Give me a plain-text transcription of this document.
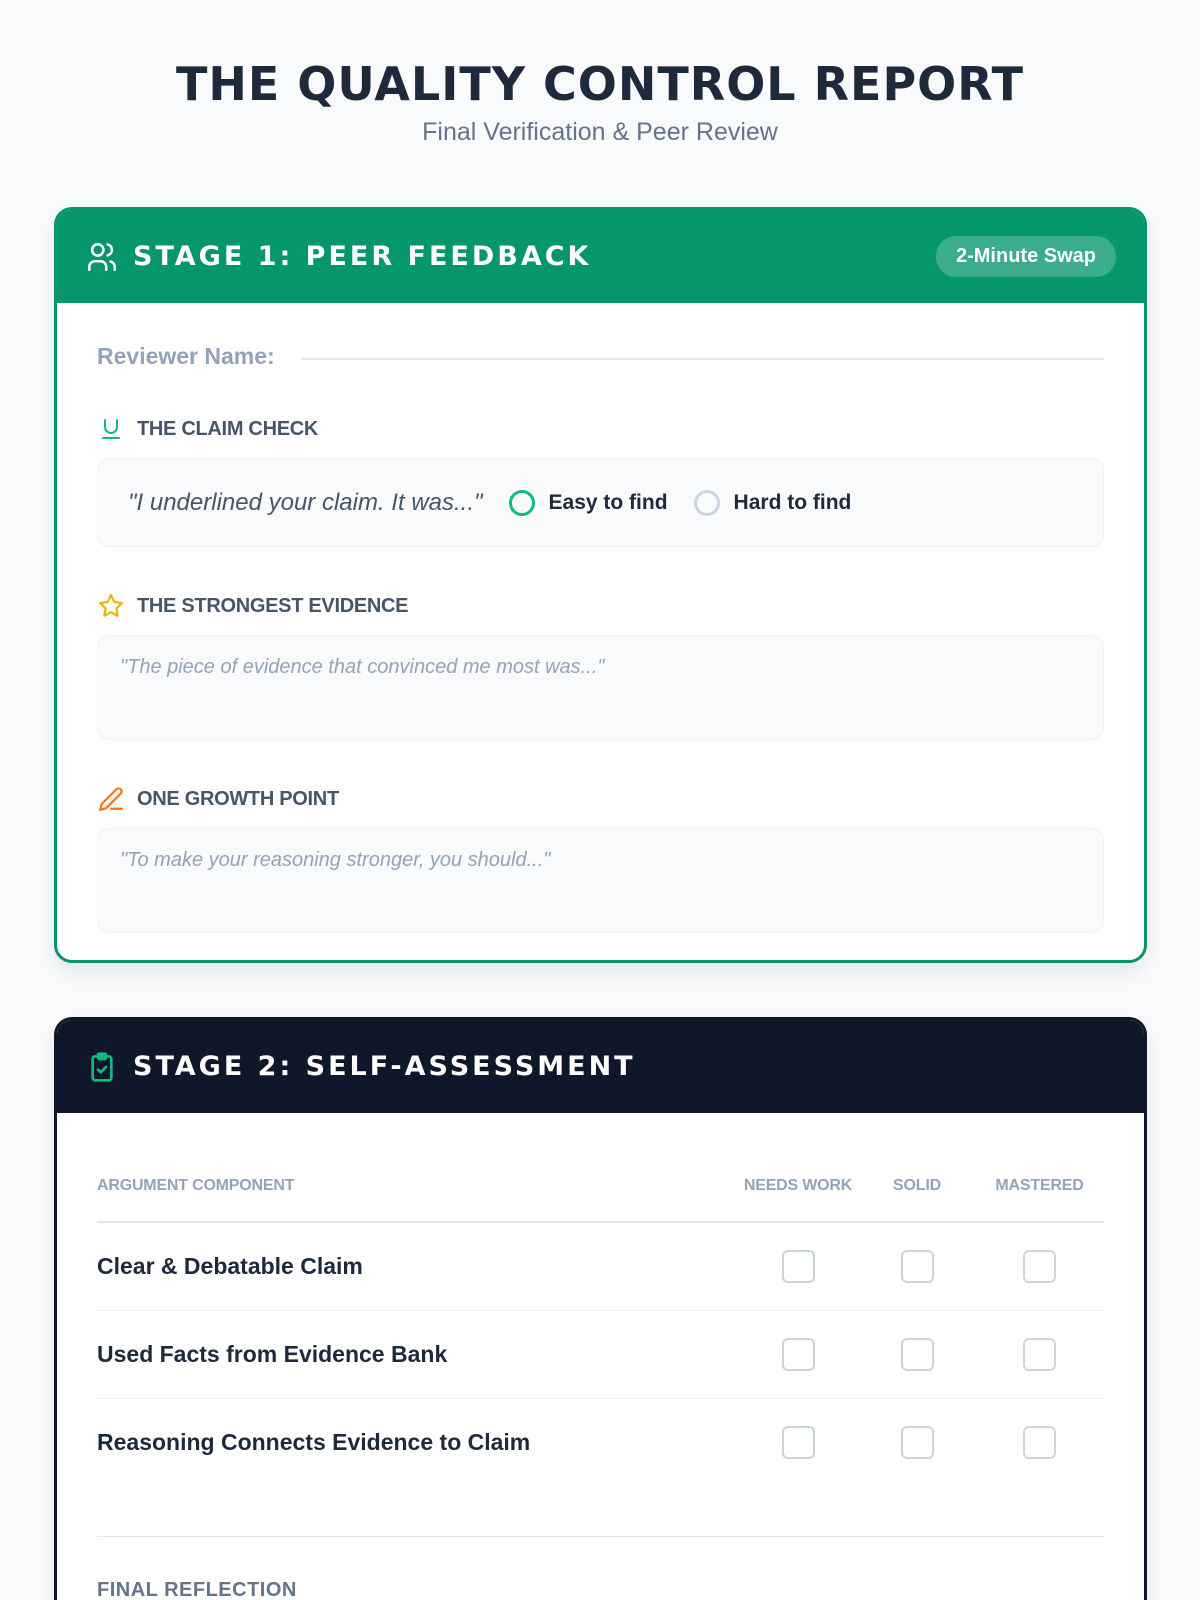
THE QUALITY CONTROL REPORT
Final Verification & Peer Review
STAGE 1: PEER FEEDBACK	2-Minute Swap
Reviewer Name:
THE CLAIM CHECK
"I underlined your claim. It was..."	Easy to find	Hard to find
THE STRONGEST EVIDENCE
"The piece of evidence that convinced me most was..."
ONE GROWTH POINT
"To make your reasoning stronger, you should..."
STAGE 2: SELF-ASSESSMENT
ARGUMENT COMPONENT	NEEDS WORK	SOLID	MASTERED
Clear & Debatable Claim			
Used Facts from Evidence Bank			
Reasoning Connects Evidence to Claim			
FINAL REFLECTION
